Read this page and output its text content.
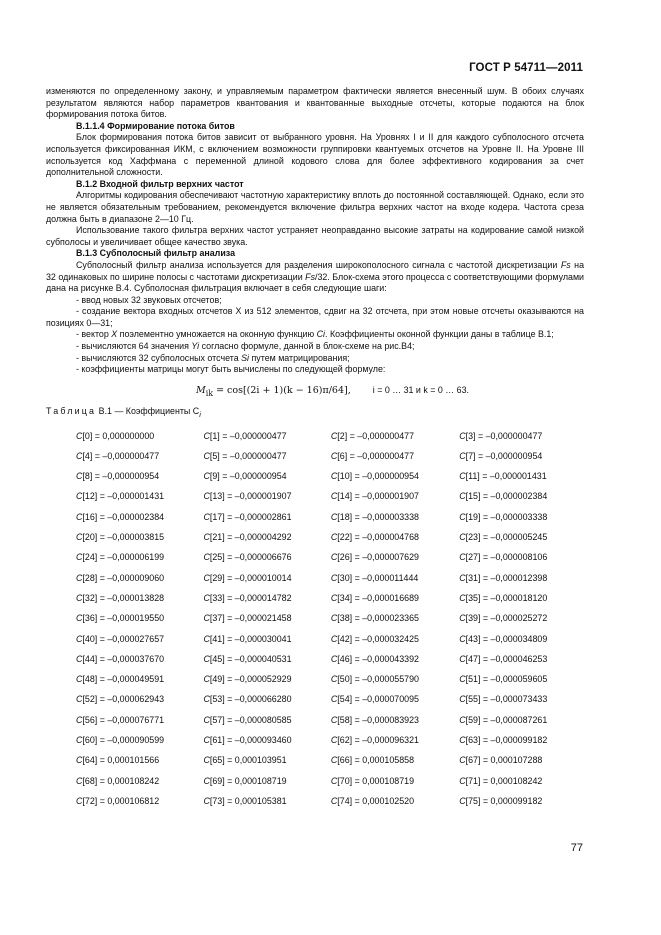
ГОСТ Р 54711—2011

изменяются по определенному закону, и управляемым параметром фактически является внесенный шум. В обоих случаях результатом являются набор параметров квантования и квантованные выходные отсчеты, которые подаются на блок формирования потока битов.

В.1.1.4 Формирование потока битов

Блок формирования потока битов зависит от выбранного уровня. На Уровнях I и II для каждого субполосного отсчета используется фиксированная ИКМ, с включением возможности группировки квантуемых отсчетов на Уровне II. На Уровне III используется код Хаффмана с переменной длиной кодового слова для более эффективного кодирования за счет дополнительной сложности.

В.1.2 Входной фильтр верхних частот

Алгоритмы кодирования обеспечивают частотную характеристику вплоть до постоянной составляющей. Однако, если это не является обязательным требованием, рекомендуется включение фильтра верхних частот на входе кодера. Частота среза должна быть в диапазоне 2—10 Гц.

Использование такого фильтра верхних частот устраняет неоправданно высокие затраты на кодирование самой низкой субполосы и увеличивает общее качество звука.

В.1.3 Субполосный фильтр анализа

Субполосный фильтр анализа используется для разделения широкополосного сигнала с частотой дискретизации Fs на 32 одинаковых по ширине полосы с частотами дискретизации Fs/32. Блок-схема этого процесса с соответствующими формулами дана на рисунке В.4. Субполосная фильтрация включает в себя следующие шаги:

- ввод новых 32 звуковых отсчетов;

- создание вектора входных отсчетов X из 512 элементов, сдвиг на 32 отсчета, при этом новые отсчеты оказываются на позициях 0—31;

- вектор X поэлементно умножается на оконную функцию Ci. Коэффициенты оконной функции даны в таблице В.1;

- вычисляются 64 значения Yi согласно формуле, данной в блок-схеме на рис.В4;

- вычисляются 32 субполосных отсчета Si путем матрицирования;

- коэффициенты матрицы могут быть вычислены по следующей формуле:

$M_{ik} = \cos[(2i + 1)(k - 16)\pi/64]$, i = 0 … 31 и k = 0 … 63.

Таблица В.1 — Коэффициенты $C_i$

C[0] = 0,000000000	C[1] = –0,000000477	C[2] = –0,000000477	C[3] = –0,000000477
C[4] = –0,000000477	C[5] = –0,000000477	C[6] = –0,000000477	C[7] = –0,000000954
C[8] = –0,000000954	C[9] = –0,000000954	C[10] = –0,000000954	C[11] = –0,000001431
C[12] = –0,000001431	C[13] = –0,000001907	C[14] = –0,000001907	C[15] = –0,000002384
C[16] = –0,000002384	C[17] = –0,000002861	C[18] = –0,000003338	C[19] = –0,000003338
C[20] = –0,000003815	C[21] = –0,000004292	C[22] = –0,000004768	C[23] = –0,000005245
C[24] = –0,000006199	C[25] = –0,000006676	C[26] = –0,000007629	C[27] = –0,000008106
C[28] = –0,000009060	C[29] = –0,000010014	C[30] = –0,000011444	C[31] = –0,000012398
C[32] = –0,000013828	C[33] = –0,000014782	C[34] = –0,000016689	C[35] = –0,000018120
C[36] = –0,000019550	C[37] = –0,000021458	C[38] = –0,000023365	C[39] = –0,000025272
C[40] = –0,000027657	C[41] = –0,000030041	C[42] = –0,000032425	C[43] = –0,000034809
C[44] = –0,000037670	C[45] = –0,000040531	C[46] = –0,000043392	C[47] = –0,000046253
C[48] = –0,000049591	C[49] = –0,000052929	C[50] = –0,000055790	C[51] = –0,000059605
C[52] = –0,000062943	C[53] = –0,000066280	C[54] = –0,000070095	C[55] = –0,000073433
C[56] = –0,000076771	C[57] = –0,000080585	C[58] = –0,000083923	C[59] = –0,000087261
C[60] = –0,000090599	C[61] = –0,000093460	C[62] = –0,000096321	C[63] = –0,000099182
C[64] = 0,000101566	C[65] = 0,000103951	C[66] = 0,000105858	C[67] = 0,000107288
C[68] = 0,000108242	C[69] = 0,000108719	C[70] = 0,000108719	C[71] = 0,000108242
C[72] = 0,000106812	C[73] = 0,000105381	C[74] = 0,000102520	C[75] = 0,000099182
77
